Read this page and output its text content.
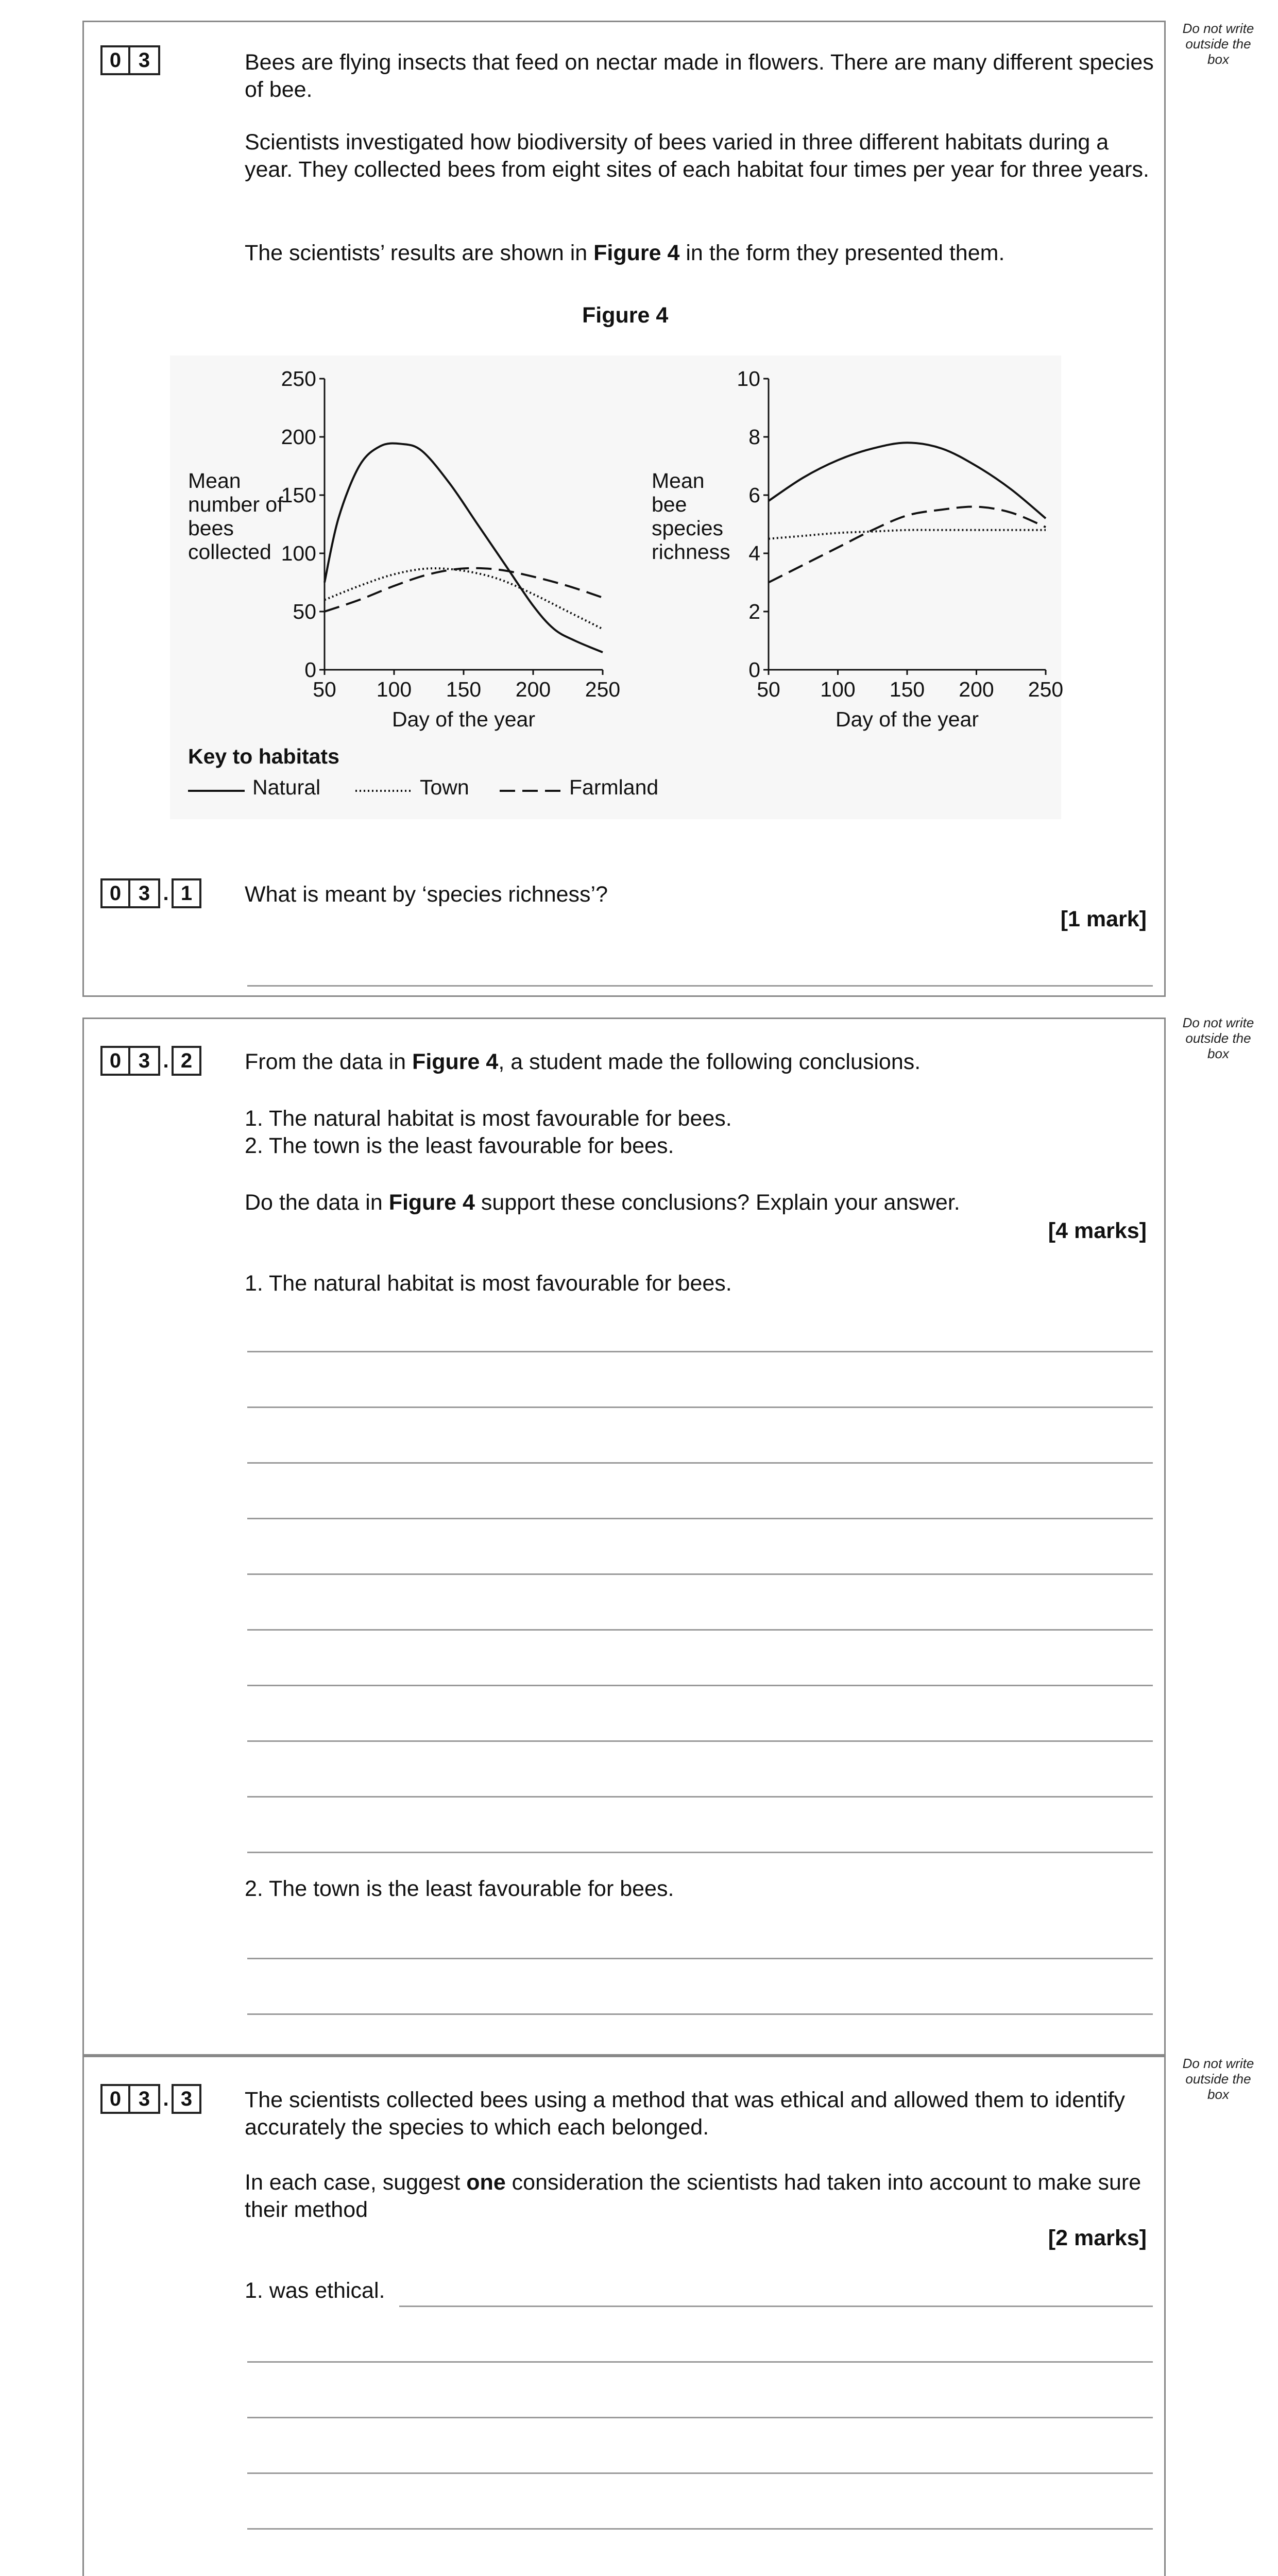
Do not write outside the box
0 3	Bees are flying insects that feed on nectar made in flowers. There are many different species of bee.
Scientists investigated how biodiversity of bees varied in three different habitats during a year. They collected bees from eight sites of each habitat four times per year for three years.
The scientists’ results are shown in Figure 4 in the form they presented them.
Figure 4
Mean number of bees collected
Mean bee species richness
0
50
100
150
200
250
50 100 150 200 250
Day of the year
0
2
4
6
8
10
50 100 150 200 250
Day of the year
Key to habitats
Natural	Town	Farmland
0 3 . 1	What is meant by ‘species richness’?
[1 mark]
Do not write outside the box
0 3 . 2	From the data in Figure 4, a student made the following conclusions.
1. The natural habitat is most favourable for bees.
2. The town is the least favourable for bees.
Do the data in Figure 4 support these conclusions? Explain your answer.
[4 marks]
1. The natural habitat is most favourable for bees.
2. The town is the least favourable for bees.
Do not write outside the box
0 3 . 3	The scientists collected bees using a method that was ethical and allowed them to identify accurately the species to which each belonged.
In each case, suggest one consideration the scientists had taken into account to make sure their method
[2 marks]
1. was ethical.
